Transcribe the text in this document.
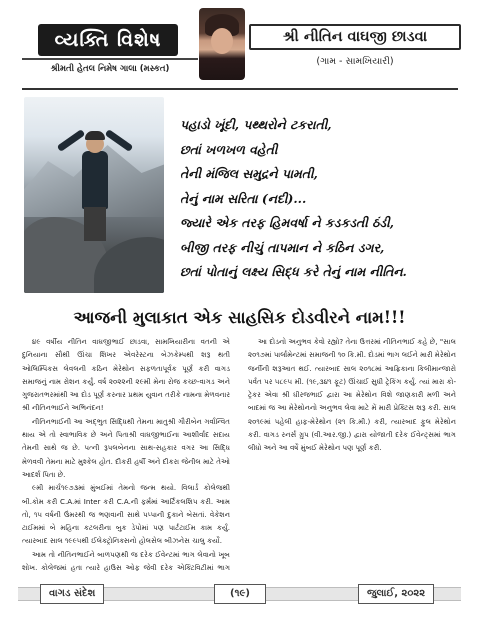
વ્યક્તિ વિશેષ
શ્રીમતી હેતલ નિમેષ ગાલા (મસ્કત)
શ્રી નીતિન વાઘજી છાડવા
(ગામ - સામખિયારી)
પહાડો ખૂંદી, પથ્થરોને ટકરાતી,
છતાં ખળખળ વહેતી
તેની મંજિલ સમુદ્રને પામતી,
તેનું નામ સરિતા (નદી)...
જ્યારે એક તરફ હિમવર્ષા ને કડકડતી ઠંડી,
બીજી તરફ નીચું તાપમાન ને કઠિન ડગર,
છતાં પોતાનું લક્ષ્ય સિદ્ધ કરે તેનું નામ નીતિન.
આજની મુલાકાત એક સાહસિક દોડવીરને નામ!!!

૪૯ વર્ષીય નીતિન વાઘજીભાઈ છાડવા, સામખિયારીના વતની એ દુનિયાના સૌથી ઊંચા શિખર એવરેસ્ટના બેઝકેમ્પથી શરૂ થતી ઓલિમ્પિકસ લેવલની કઠિન મેરેથોન સફળતાપૂર્વક પૂર્ણ કરી વાગડ સમાજનું નામ રોશન કર્યું. વર્ષ ૨૦૨૨ની ૨૯મી મેના રોજ કચ્છ-વાગડ અને ગુજરાતભરમાંથી આ દોડ પૂર્ણ કરનાર પ્રથમ યુવાન તરીકે નામના મેળવનાર શ્રી નીતિનભાઈને અભિનંદન!

નીતિનભાઈની આ અદ્ભુત સિદ્ધિથી તેમના માતુશ્રી ગૌરીબેન ગર્વાન્વિત થાય એ તો સ્વાભાવિક છે અને પિતાશ્રી વાઘજીભાઈના આશીર્વાદ સદાય તેમની સાથે જ છે. પત્ની રૂપલબેનના સાથ-સહકાર વગર આ સિદ્ધિ મેળવવી તેમના માટે મુશ્કેલ હોત. દીકરી હર્ષી અને દીકરા જેનીલ માટે તેઓ આદર્શ પિતા છે.

૯મી માર્ચ૧૯૭૩માં મુંબઈમાં તેમનો જન્મ થયો. વિલાર્ડ કોલેજથી બી.કોમ કરી C.A.માં Inter કરી C.A.ની ફર્મમાં આર્ટિકલશિપ કરી. આમ તો, ૧૫ વર્ષની ઉંમરથી જ ભણવાની સાથે પપ્પાની દુકાને બેસતાં. વેકેશન ટાઈમમાં બે મહિના કટલરીના બુક ડેપોમાં પણ પાર્ટટાઈમ કામ કર્યું. ત્યારબાદ સાલ ૧૯૯૫થી ઈલેક્ટ્રોનિક્સનો હોલસેલ બીઝનેસ ચાલુ કર્યો.

આમ તો નીતિનભાઈને બાળપણથી જ દરેક ઈવેન્ટમાં ભાગ લેવાનો ખૂબ શોખ. કોલેજમાં હતા ત્યારે હાઉસ ઓફ જેવી દરેક એક્ટિવિટીમાં ભાગ

આ દોડનો અનુભવ કેવો રહ્યો? તેના ઉત્તરમાં નીતિનભાઈ કહે છે, "સાલ ૨૦૧૭માં પાર્લામેન્ટમાં સમાજની ૧૦ કિ.મી. દોડમાં ભાગ લઈને મારી મેરેથોન જર્નીની શરૂઆત થઈ. ત્યારબાદ સાલ ૨૦૧૮માં આફ્રિકાના કિલીમાન્જારો પર્વત પર ૫૮૯૫ મી. (૧૯,૩૪૧ ફૂટ) ઊંચાઈ સુધી ટ્રેકિંગ કર્યું. ત્યાં મારા કો-ટ્રેકર એવા શ્રી ધીરજભાઈ દ્વારા આ મેરેથોન વિશે જાણકારી મળી અને બાદમાં જ આ મેરેથોનનો અનુભવ લેવા માટે મેં મારી પ્રેક્ટિસ શરૂ કરી. સાલ ૨૦૧૯માં પહેલી હાફ-મેરેથોન (૨૧ કિ.મી.) કરી, ત્યારબાદ ફુલ મેરેથોન કરી. વાગડ રનર્સ ગ્રુપ (વી.આર.જી.) દ્વારા યોજાતી દરેક ઈવેન્ટ્સમાં ભાગ લીધો અને આ વર્ષે મુંબઈ મેરેથોન પણ પૂર્ણ કરી.

વાગડ સંદેશ	(૧૯)	જુલાઈ, ૨૦૨૨
